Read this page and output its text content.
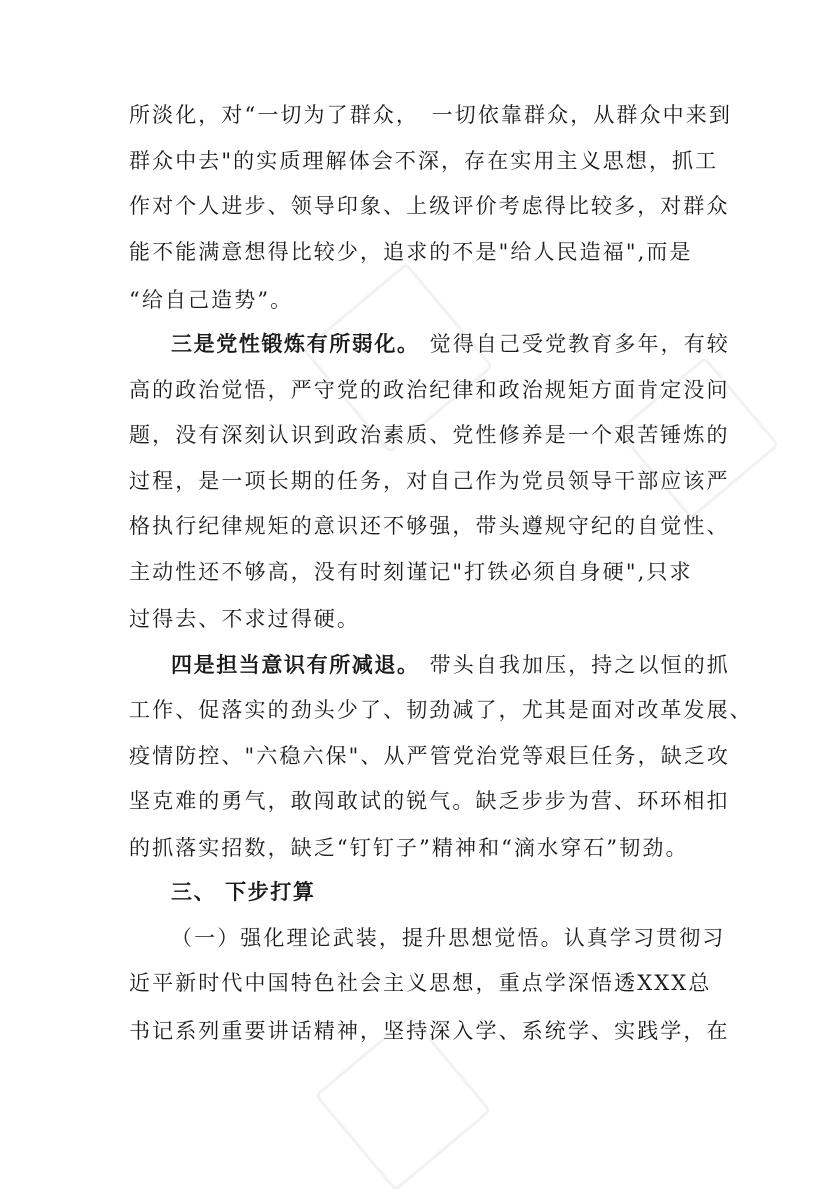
所淡化，对“一切为了群众，　一切依靠群众，从群众中来到
群众中去"的实质理解体会不深，存在实用主义思想，抓工
作对个人进步、领导印象、上级评价考虑得比较多，对群众
能不能满意想得比较少，追求的不是"给人民造福",而是
“给自己造势”。
三是党性锻炼有所弱化。 觉得自己受党教育多年，有较
高的政治觉悟，严守党的政治纪律和政治规矩方面肯定没问
题，没有深刻认识到政治素质、党性修养是一个艰苦锤炼的
过程，是一项长期的任务，对自己作为党员领导干部应该严
格执行纪律规矩的意识还不够强，带头遵规守纪的自觉性、
主动性还不够高，没有时刻谨记"打铁必须自身硬",只求
过得去、不求过得硬。
四是担当意识有所减退。 带头自我加压，持之以恒的抓
工作、促落实的劲头少了、韧劲减了，尤其是面对改革发展、
疫情防控、"六稳六保"、从严管党治党等艰巨任务，缺乏攻
坚克难的勇气，敢闯敢试的锐气。缺乏步步为营、环环相扣
的抓落实招数，缺乏“钉钉子”精神和“滴水穿石”韧劲。
三、 下步打算
（一）强化理论武装，提升思想觉悟。认真学习贯彻习
近平新时代中国特色社会主义思想，重点学深悟透XXX总
书记系列重要讲话精神，坚持深入学、系统学、实践学，在
